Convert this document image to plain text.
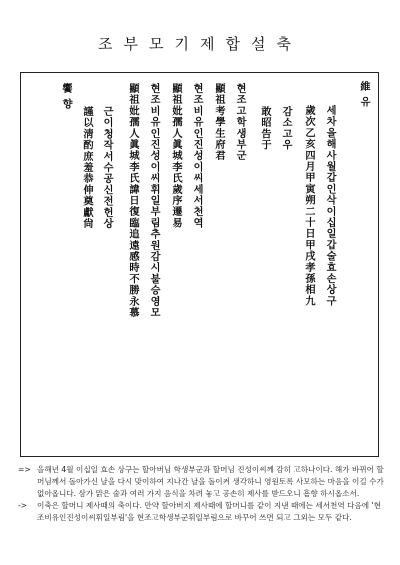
조부모기제합설축
維 유
세차을해사월갑인삭이십일갑술효손상구
歲次乙亥四月甲寅朔二十日甲戌孝孫相九
감소고우
敢昭告于
현조고학생부군
顯祖考學生府君
현조비유인진성이씨세서천역
顯祖妣孺人眞城李氏歲序遷易
현조비유인진성이씨휘일부림추원감시불승영모
顯祖妣孺人眞城李氏諱日復臨追遠感時不勝永慕
근이청작서수공신전헌상
謹以淸酌庶羞恭伸奠獻尙
饗 향
=> 을해년 4월 이십일 효손 상구는 할아버님 학생부군과 할머님 진성이씨께 감히 고하나이다. 해가 바뀌어 할머님께서 돌아가신 날을 다시 맞이하여 지나간 날을 돌이켜 생각하니 영원토록 사모하는 마음을 이길 수가 없아옵니다. 삼가 맑은 술과 여러 가지 음식을 차려 놓고 공손히 제사를 받드오니 흠향 하시옵소서.
->	이축은 할머니 제사때의 축이다. 만약 할아버지 제사때에 할머니를 같이 지낸 때에는 세서천역 다음에 '현조비유인진성이씨휘일부림'을 현조고학생부군휘일부림으로 바꾸어 쓰면 되고 그외는 모두 같다.
